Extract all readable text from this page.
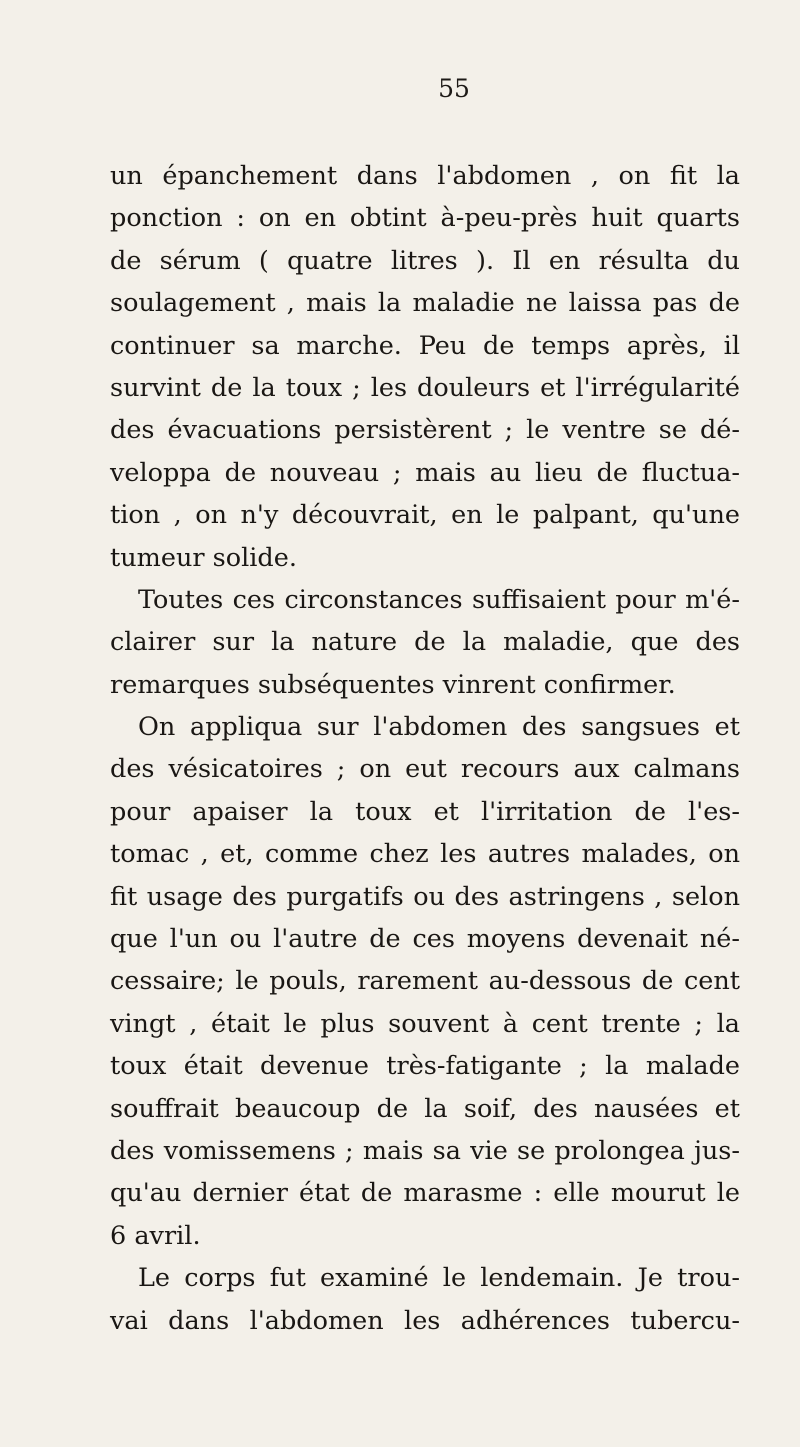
55
un épanchement dans l'abdomen , on fit la
ponction : on en obtint à-peu-près huit quarts
de sérum ( quatre litres ). Il en résulta du
soulagement , mais la maladie ne laissa pas de
continuer sa marche. Peu de temps après, il
survint de la toux ; les douleurs et l'irrégularité
des évacuations persistèrent ; le ventre se dé-
veloppa de nouveau ; mais au lieu de fluctua-
tion , on n'y découvrait, en le palpant, qu'une
tumeur solide.
Toutes ces circonstances suffisaient pour m'é-
clairer sur la nature de la maladie, que des
remarques subséquentes vinrent confirmer.
On appliqua sur l'abdomen des sangsues et
des vésicatoires ; on eut recours aux calmans
pour apaiser la toux et l'irritation de l'es-
tomac , et, comme chez les autres malades, on
fit usage des purgatifs ou des astringens , selon
que l'un ou l'autre de ces moyens devenait né-
cessaire; le pouls, rarement au-dessous de cent
vingt , était le plus souvent à cent trente ; la
toux était devenue très-fatigante ; la malade
souffrait beaucoup de la soif, des nausées et
des vomissemens ; mais sa vie se prolongea jus-
qu'au dernier état de marasme : elle mourut le
6 avril.
Le corps fut examiné le lendemain. Je trou-
vai dans l'abdomen les adhérences tubercu-
